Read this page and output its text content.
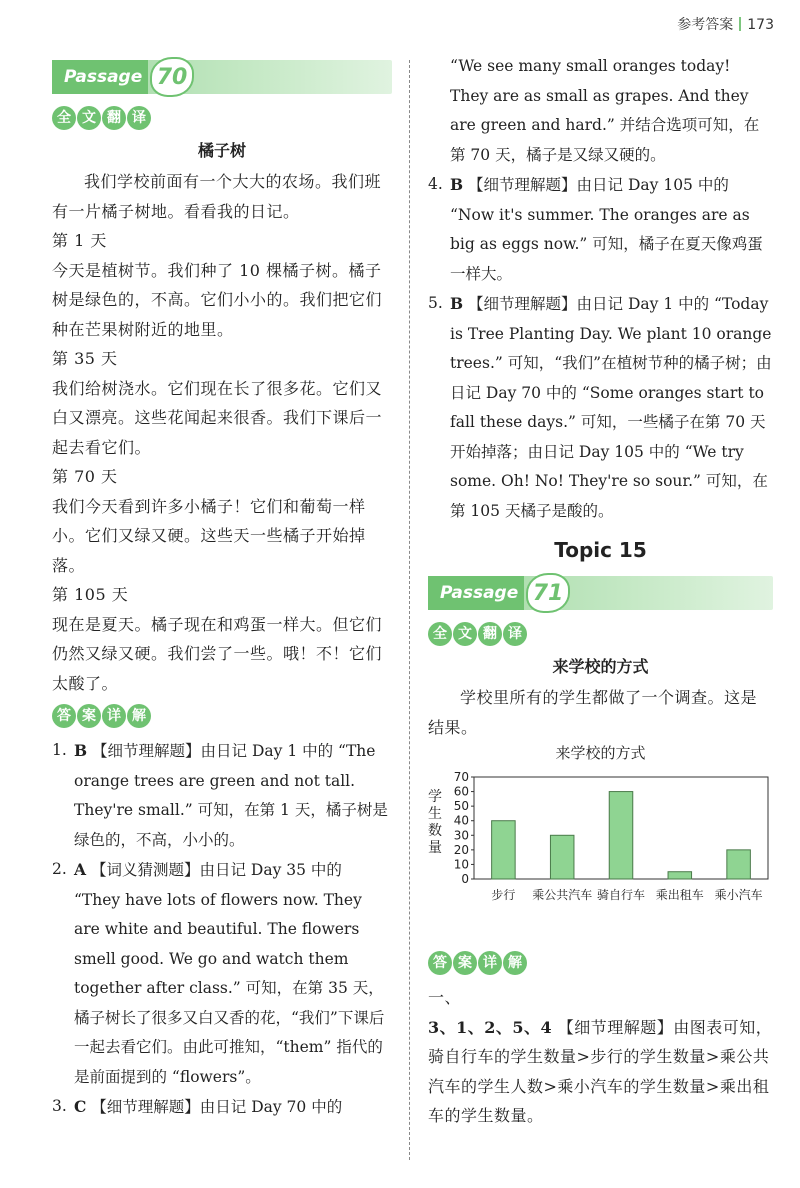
参考答案 173
Passage 70
全 文 翻 译
橘子树

我们学校前面有一个大大的农场。我们班有一片橘子树地。看看我的日记。

第 1 天

今天是植树节。我们种了 10 棵橘子树。橘子树是绿色的，不高。它们小小的。我们把它们种在芒果树附近的地里。

第 35 天

我们给树浇水。它们现在长了很多花。它们又白又漂亮。这些花闻起来很香。我们下课后一起去看它们。

第 70 天

我们今天看到许多小橘子！它们和葡萄一样小。它们又绿又硬。这些天一些橘子开始掉落。

第 105 天

现在是夏天。橘子现在和鸡蛋一样大。但它们仍然又绿又硬。我们尝了一些。哦！不！它们太酸了。

答 案 详 解

1. B 【细节理解题】由日记 Day 1 中的 “The orange trees are green and not tall. They're small.” 可知，在第 1 天，橘子树是绿色的，不高，小小的。

2. A 【词义猜测题】由日记 Day 35 中的 “They have lots of flowers now. They are white and beautiful. The flowers smell good. We go and watch them together after class.” 可知，在第 35 天，橘子树长了很多又白又香的花，“我们”下课后一起去看它们。由此可推知，“them” 指代的是前面提到的 “flowers”。

3. C 【细节理解题】由日记 Day 70 中的

“We see many small oranges today! They are as small as grapes. And they are green and hard.” 并结合选项可知，在第 70 天，橘子是又绿又硬的。

4. B 【细节理解题】由日记 Day 105 中的 “Now it's summer. The oranges are as big as eggs now.” 可知，橘子在夏天像鸡蛋一样大。

5. B 【细节理解题】由日记 Day 1 中的 “Today is Tree Planting Day. We plant 10 orange trees.” 可知，“我们”在植树节种的橘子树；由日记 Day 70 中的 “Some oranges start to fall these days.” 可知，一些橘子在第 70 天开始掉落；由日记 Day 105 中的 “We try some. Oh! No! They're so sour.” 可知，在第 105 天橘子是酸的。

Topic 15
Passage 71
全 文 翻 译
来学校的方式

学校里所有的学生都做了一个调查。这是结果。

来学校的方式
学
生
数
量
0
10
20
30
40
50
60
70
步行 乘公共汽车 骑自行车 乘出租车 乘小汽车
答 案 详 解

一、

3、1、2、5、4 【细节理解题】由图表可知，骑自行车的学生数量>步行的学生数量>乘公共汽车的学生人数>乘小汽车的学生数量>乘出租车的学生数量。
